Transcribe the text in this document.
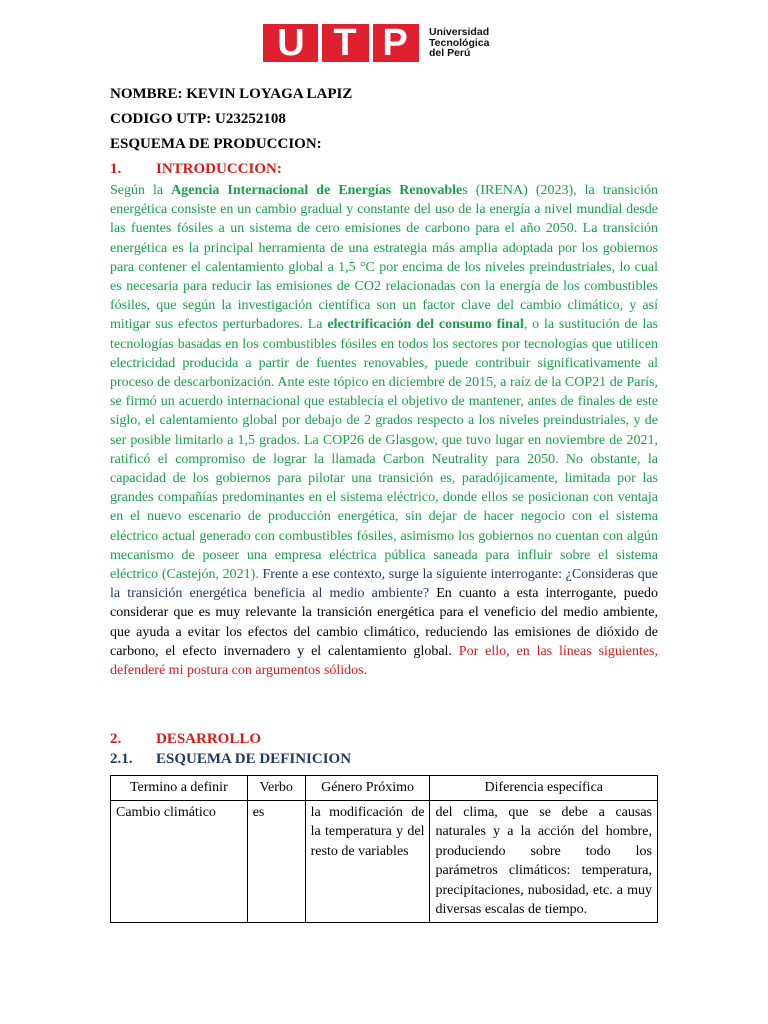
U T P	Universidad
Tecnológica
del Perú
NOMBRE: KEVIN LOYAGA LAPIZ
CODIGO UTP: U23252108
ESQUEMA DE PRODUCCION:
1. INTRODUCCION:
Según la Agencia Internacional de Energías Renovables (IRENA) (2023), la transición energética consiste en un cambio gradual y constante del uso de la energía a nivel mundial desde las fuentes fósiles a un sistema de cero emisiones de carbono para el año 2050. La transición energética es la principal herramienta de una estrategia más amplia adoptada por los gobiernos para contener el calentamiento global a 1,5 °C por encima de los niveles preindustriales, lo cual es necesaria para reducir las emisiones de CO2 relacionadas con la energía de los combustibles fósiles, que según la investigación científica son un factor clave del cambio climático, y así mitigar sus efectos perturbadores. La electrificación del consumo final, o la sustitución de las tecnologías basadas en los combustibles fósiles en todos los sectores por tecnologías que utilicen electricidad producida a partir de fuentes renovables, puede contribuir significativamente al proceso de descarbonización. Ante este tópico en diciembre de 2015, a raíz de la COP21 de París, se firmó un acuerdo internacional que establecía el objetivo de mantener, antes de finales de este siglo, el calentamiento global por debajo de 2 grados respecto a los niveles preindustriales, y de ser posible limitarlo a 1,5 grados. La COP26 de Glasgow, que tuvo lugar en noviembre de 2021, ratificó el compromiso de lograr la llamada Carbon Neutrality para 2050. No obstante, la capacidad de los gobiernos para pilotar una transición es, paradójicamente, limitada por las grandes compañías predominantes en el sistema eléctrico, donde ellos se posicionan con ventaja en el nuevo escenario de producción energética, sin dejar de hacer negocio con el sistema eléctrico actual generado con combustibles fósiles, asimismo los gobiernos no cuentan con algún mecanismo de poseer una empresa eléctrica pública saneada para influir sobre el sistema eléctrico (Castejón, 2021). Frente a ese contexto, surge la siguiente interrogante: ¿Consideras que la transición energética beneficia al medio ambiente? En cuanto a esta interrogante, puedo considerar que es muy relevante la transición energética para el veneficio del medio ambiente, que ayuda a evitar los efectos del cambio climático, reduciendo las emisiones de dióxido de carbono, el efecto invernadero y el calentamiento global. Por ello, en las líneas siguientes, defenderé mi postura con argumentos sólidos.
2. DESARROLLO
2.1. ESQUEMA DE DEFINICION
Termino a definir	Verbo	Género Próximo	Diferencia específica
Cambio climático	es	la modificación de la temperatura y del resto de variables	del clima, que se debe a causas naturales y a la acción del hombre, produciendo sobre todo los parámetros climáticos: temperatura, precipitaciones, nubosidad, etc. a muy diversas escalas de tiempo.
